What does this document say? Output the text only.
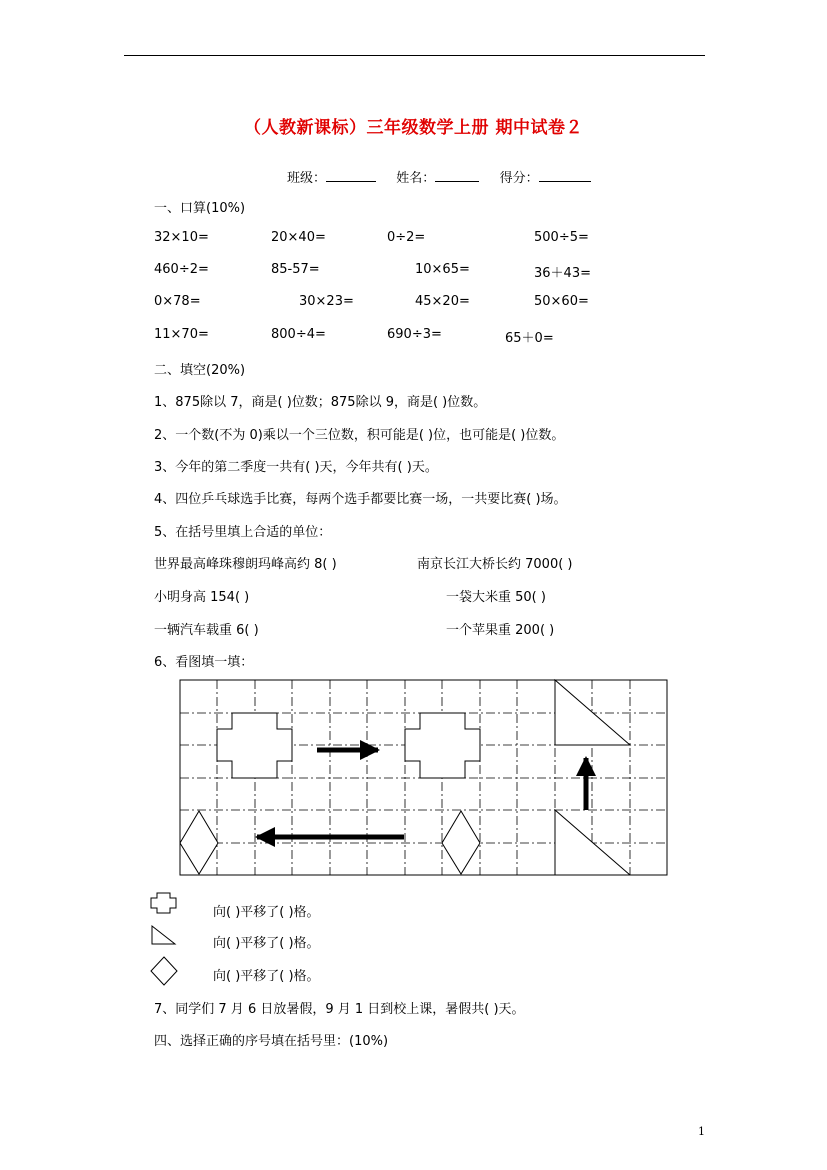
（人教新课标）三年级数学上册 期中试卷２
班级：	姓名：	得分：
一、口算(10%)
32×10=	20×40=	0÷2=	500÷5=
460÷2=	85-57=	10×65=	36＋43=
0×78=	30×23=	45×20=	50×60=
11×70=	800÷4=	690÷3=	65＋0=
二、填空(20%)
1、875除以 7，商是( )位数；875除以 9，商是( )位数。
2、一个数(不为 0)乘以一个三位数，积可能是( )位，也可能是( )位数。
3、今年的第二季度一共有( )天，今年共有( )天。
4、四位乒乓球选手比赛，每两个选手都要比赛一场，一共要比赛( )场。
5、在括号里填上合适的单位：
世界最高峰珠穆朗玛峰高约 8( )	南京长江大桥长约 7000( )
小明身高 154( )	一袋大米重 50( )
一辆汽车载重 6( )	一个苹果重 200( )
6、看图填一填：
向( )平移了( )格。
向( )平移了( )格。
向( )平移了( )格。
7、同学们 7 月 6 日放暑假，9 月 1 日到校上课，暑假共( )天。
四、选择正确的序号填在括号里：(10%)
1
